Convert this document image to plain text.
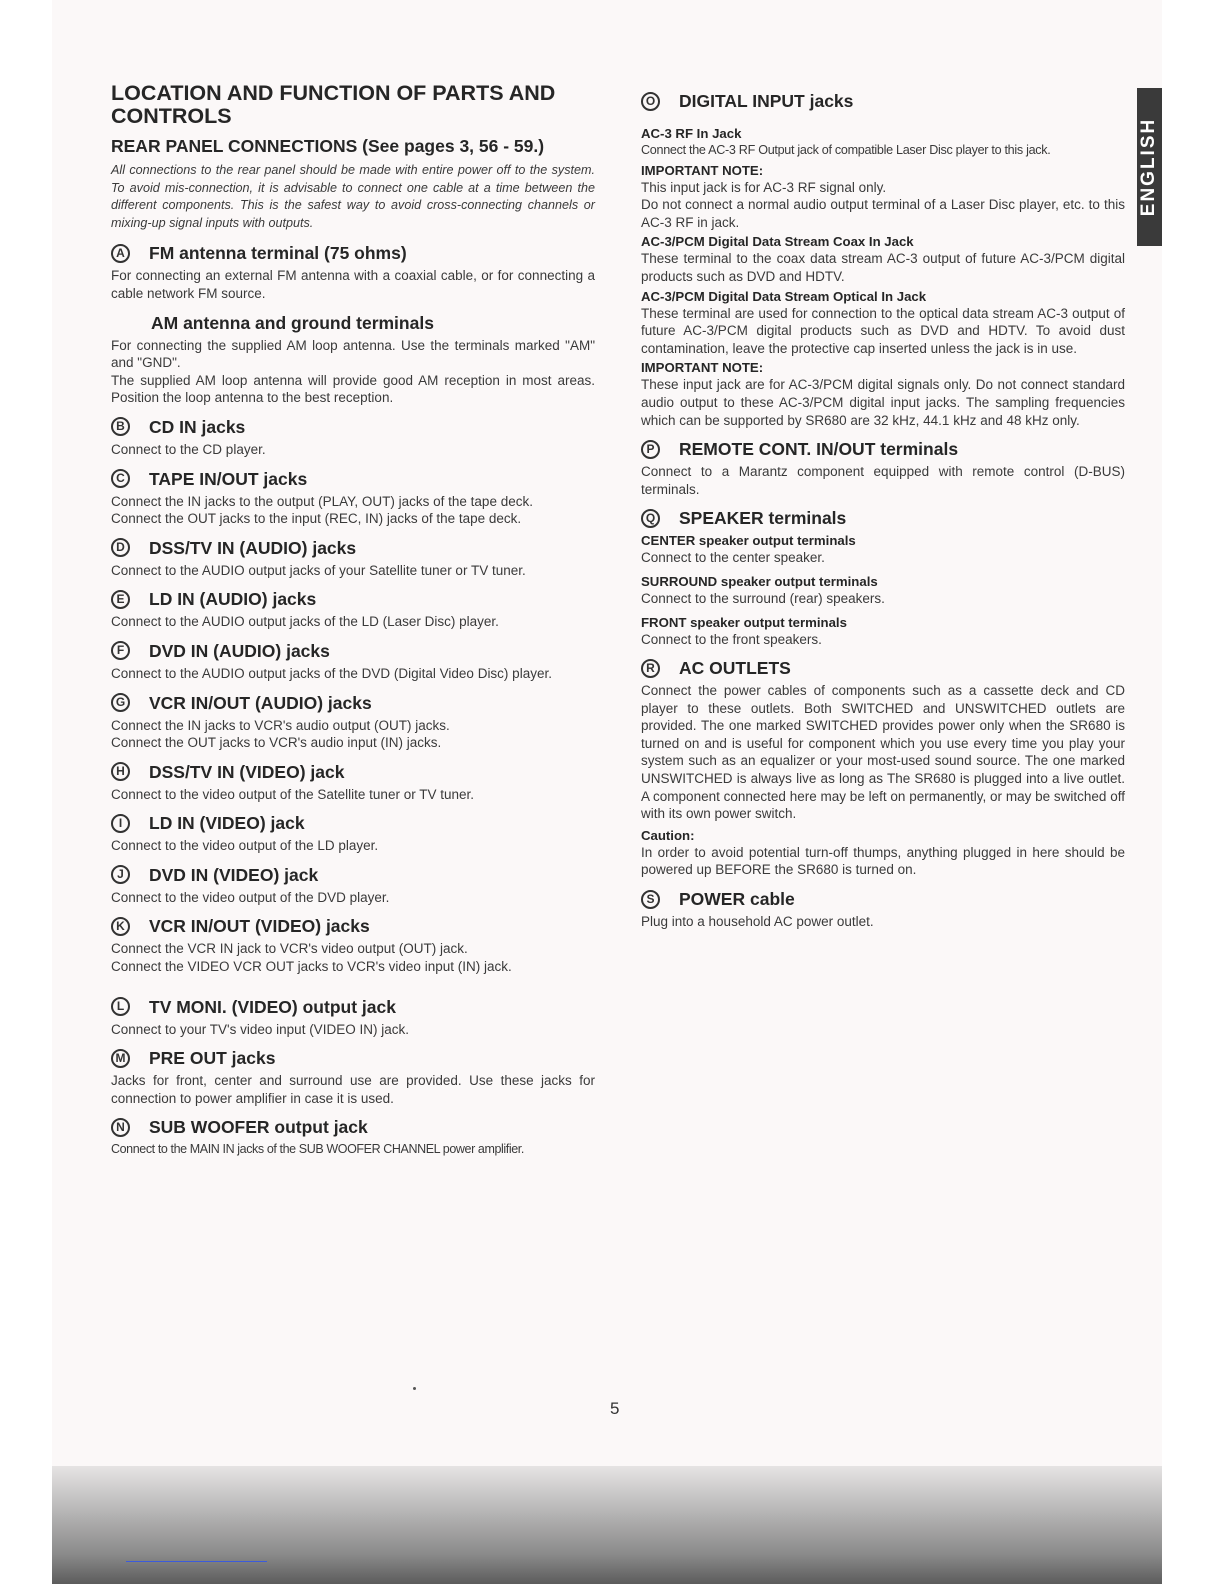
ENGLISH
LOCATION AND FUNCTION OF PARTS AND CONTROLS
REAR PANEL CONNECTIONS (See pages 3, 56 - 59.)

All connections to the rear panel should be made with entire power off to the system. To avoid mis-connection, it is advisable to connect one cable at a time between the different components. This is the safest way to avoid cross-connecting channels or mixing-up signal inputs with outputs.

A FM antenna terminal (75 ohms)

For connecting an external FM antenna with a coaxial cable, or for connecting a cable network FM source.

AM antenna and ground terminals

For connecting the supplied AM loop antenna. Use the terminals marked "AM" and "GND".

The supplied AM loop antenna will provide good AM reception in most areas. Position the loop antenna to the best reception.

B CD IN jacks

Connect to the CD player.

C TAPE IN/OUT jacks

Connect the IN jacks to the output (PLAY, OUT) jacks of the tape deck.

Connect the OUT jacks to the input (REC, IN) jacks of the tape deck.

D DSS/TV IN (AUDIO) jacks

Connect to the AUDIO output jacks of your Satellite tuner or TV tuner.

E	LD IN (AUDIO) jacks

Connect to the AUDIO output jacks of the LD (Laser Disc) player.

F	DVD IN (AUDIO) jacks

Connect to the AUDIO output jacks of the DVD (Digital Video Disc) player.

G VCR IN/OUT (AUDIO) jacks

Connect the IN jacks to VCR's audio output (OUT) jacks.

Connect the OUT jacks to VCR's audio input (IN) jacks.

H DSS/TV IN (VIDEO) jack

Connect to the video output of the Satellite tuner or TV tuner.

I	LD IN (VIDEO) jack

Connect to the video output of the LD player.

J	DVD IN (VIDEO) jack

Connect to the video output of the DVD player.

K VCR IN/OUT (VIDEO) jacks

Connect the VCR IN jack to VCR's video output (OUT) jack.

Connect the VIDEO VCR OUT jacks to VCR's video input (IN) jack.

L	TV MONI. (VIDEO) output jack

Connect to your TV's video input (VIDEO IN) jack.

M PRE OUT jacks

Jacks for front, center and surround use are provided. Use these jacks for connection to power amplifier in case it is used.

N SUB WOOFER output jack

Connect to the MAIN IN jacks of the SUB WOOFER CHANNEL power amplifier.

O DIGITAL INPUT jacks

AC-3 RF In Jack

Connect the AC-3 RF Output jack of compatible Laser Disc player to this jack.

IMPORTANT NOTE:

This input jack is for AC-3 RF signal only.

Do not connect a normal audio output terminal of a Laser Disc player, etc. to this AC-3 RF in jack.

AC-3/PCM Digital Data Stream Coax In Jack

These terminal to the coax data stream AC-3 output of future AC-3/PCM digital products such as DVD and HDTV.

AC-3/PCM Digital Data Stream Optical In Jack

These terminal are used for connection to the optical data stream AC-3 output of future AC-3/PCM digital products such as DVD and HDTV. To avoid dust contamination, leave the protective cap inserted unless the jack is in use.

IMPORTANT NOTE:

These input jack are for AC-3/PCM digital signals only. Do not connect standard audio output to these AC-3/PCM digital input jacks. The sampling frequencies which can be supported by SR680 are 32 kHz, 44.1 kHz and 48 kHz only.

P	REMOTE CONT. IN/OUT terminals

Connect to a Marantz component equipped with remote control (D-BUS) terminals.

Q SPEAKER terminals

CENTER speaker output terminals

Connect to the center speaker.

SURROUND speaker output terminals

Connect to the surround (rear) speakers.

FRONT speaker output terminals

Connect to the front speakers.

R AC OUTLETS

Connect the power cables of components such as a cassette deck and CD player to these outlets. Both SWITCHED and UNSWITCHED outlets are provided. The one marked SWITCHED provides power only when the SR680 is turned on and is useful for component which you use every time you play your system such as an equalizer or your most-used sound source. The one marked UNSWITCHED is always live as long as The SR680 is plugged into a live outlet. A component connected here may be left on permanently, or may be switched off with its own power switch.

Caution:

In order to avoid potential turn-off thumps, anything plugged in here should be powered up BEFORE the SR680 is turned on.

S	POWER cable

Plug into a household AC power outlet.

5
